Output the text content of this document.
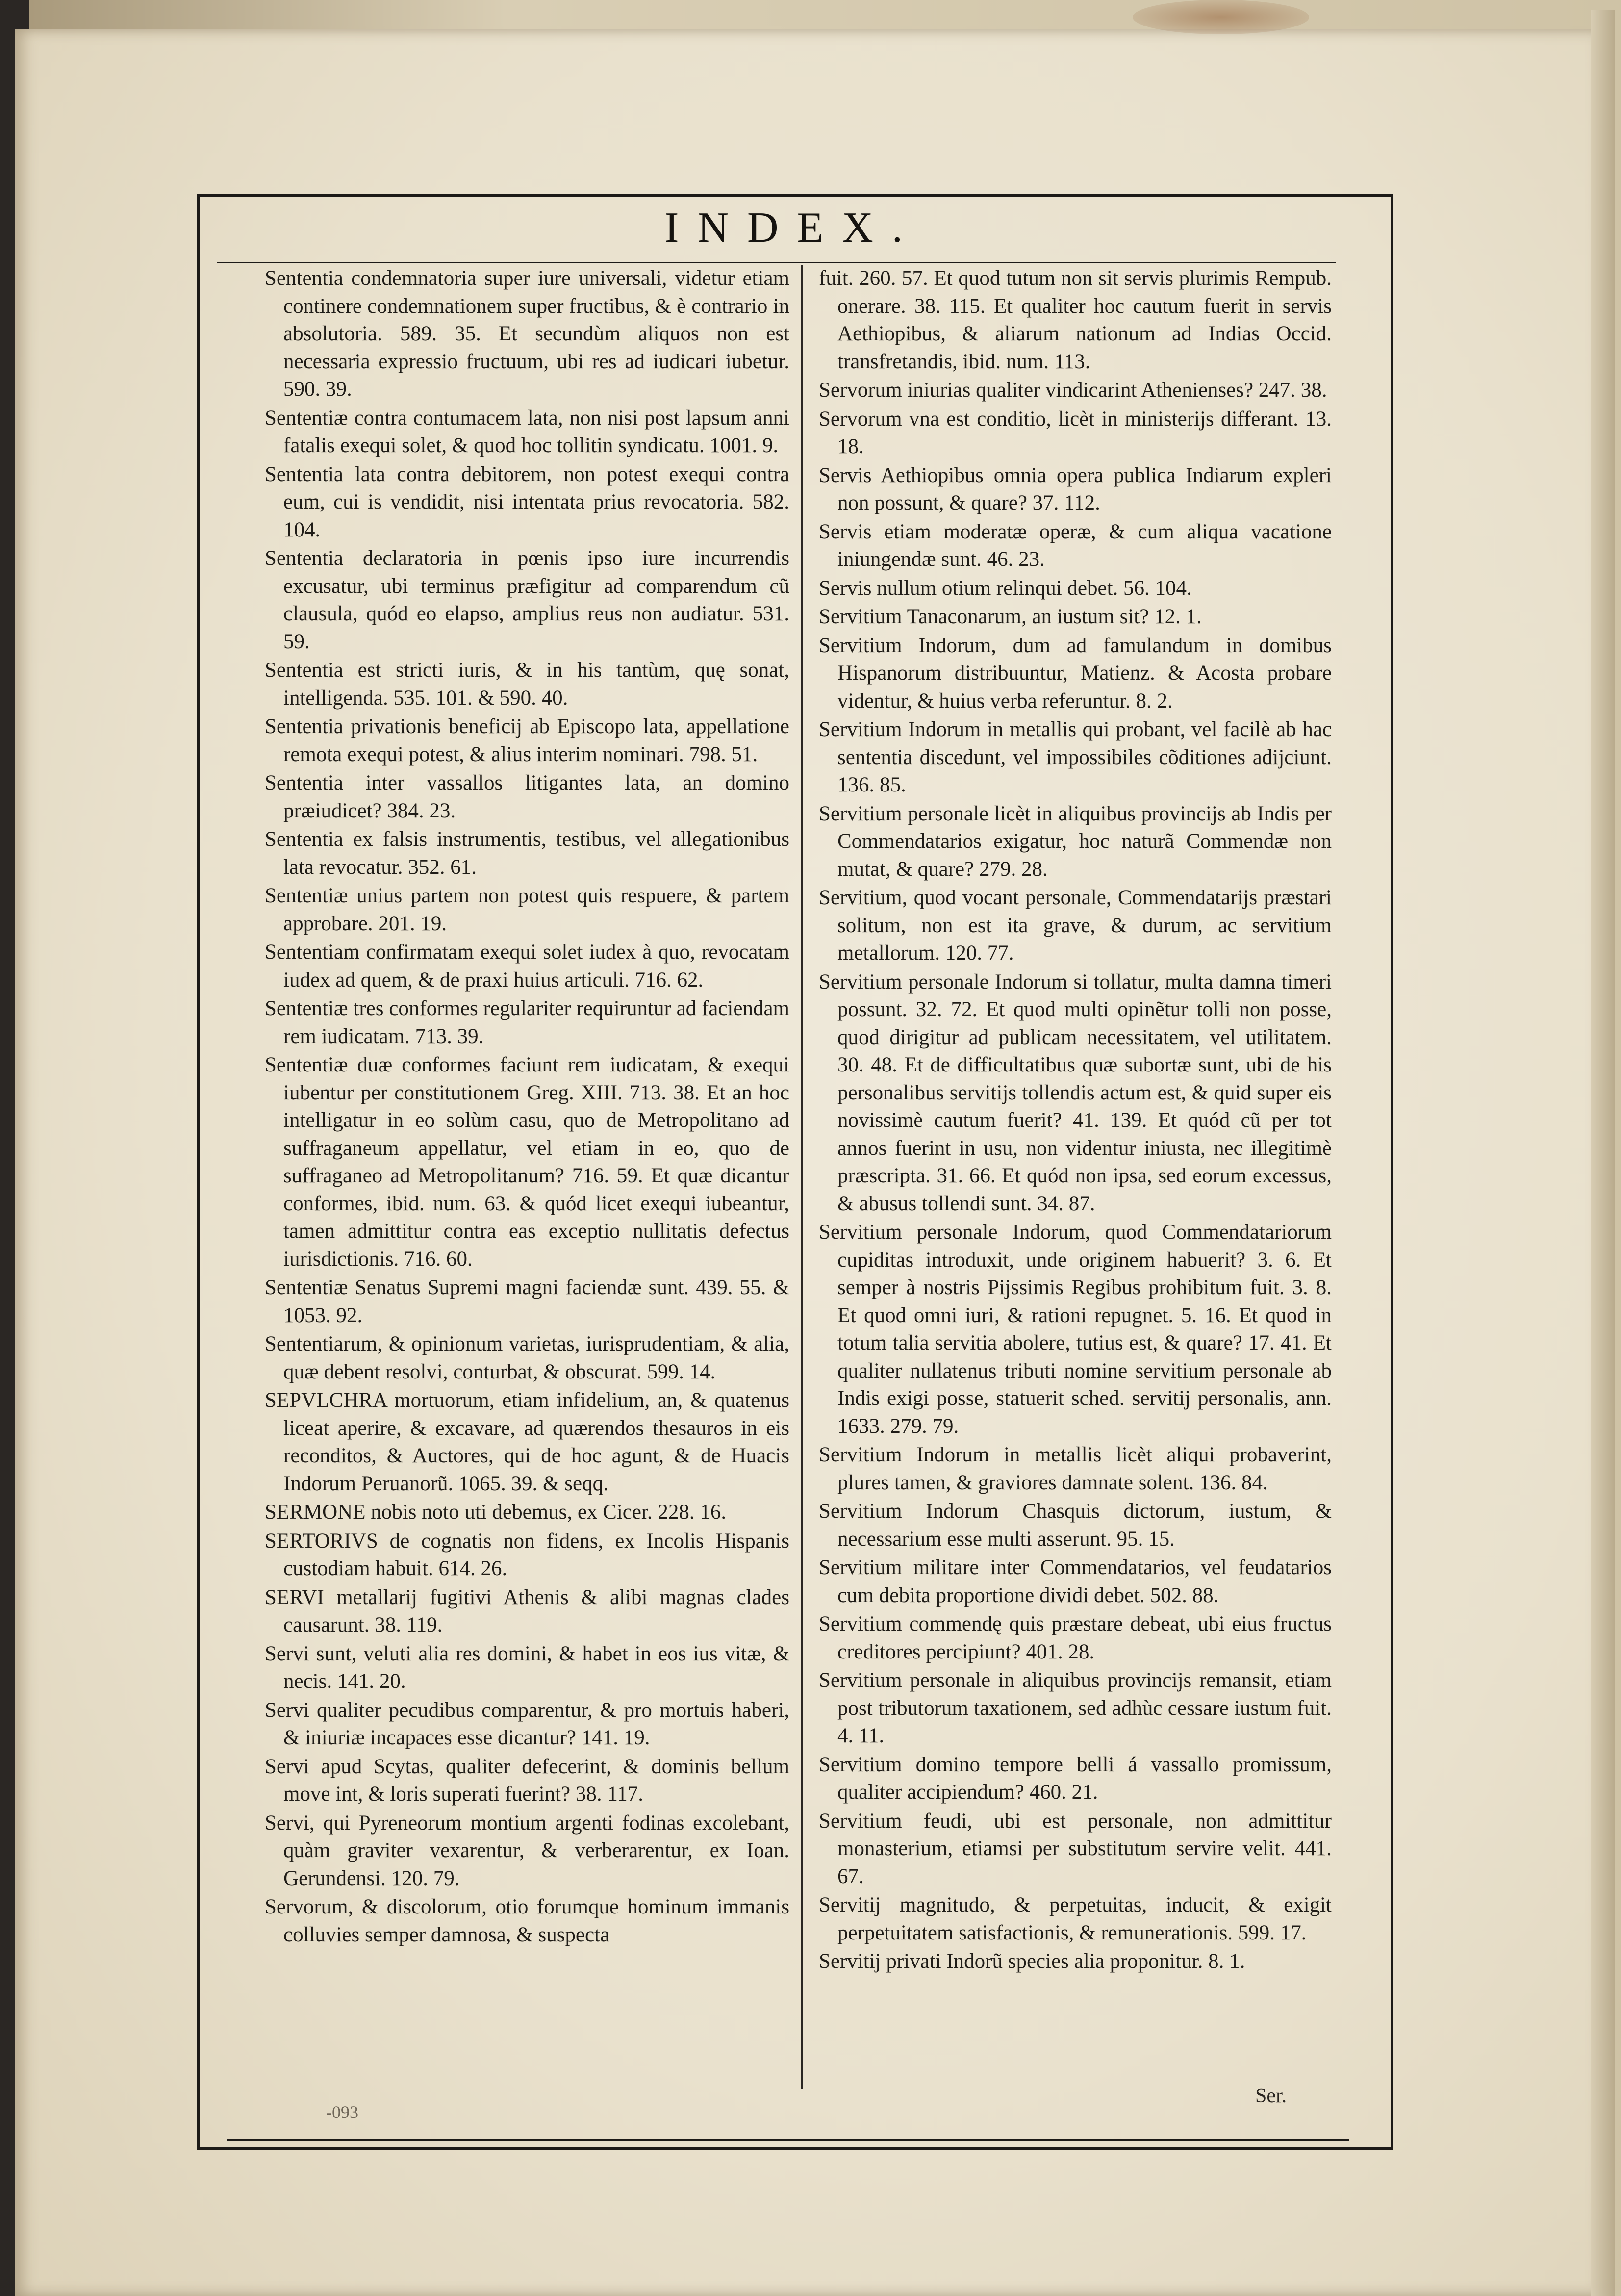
INDEX.

Sententia condemnatoria super iure universali, videtur etiam continere condemnationem super fructibus, & è contrario in absolutoria. 589. 35. Et secundùm aliquos non est necessaria expressio fructuum, ubi res ad iudicari iubetur. 590. 39.

Sententiæ contra contumacem lata, non nisi post lapsum anni fatalis exequi solet, & quod hoc tollitin syndicatu. 1001. 9.

Sententia lata contra debitorem, non potest exequi contra eum, cui is vendidit, nisi intentata prius revocatoria. 582. 104.

Sententia declaratoria in pœnis ipso iure incurrendis excusatur, ubi terminus præfigitur ad comparendum cũ clausula, quód eo elapso, amplius reus non audiatur. 531. 59.

Sententia est stricti iuris, & in his tantùm, quę sonat, intelligenda. 535. 101. & 590. 40.

Sententia privationis beneficij ab Episcopo lata, appellatione remota exequi potest, & alius interim nominari. 798. 51.

Sententia inter vassallos litigantes lata, an domino præiudicet? 384. 23.

Sententia ex falsis instrumentis, testibus, vel allegationibus lata revocatur. 352. 61.

Sententiæ unius partem non potest quis respuere, & partem approbare. 201. 19.

Sententiam confirmatam exequi solet iudex à quo, revocatam iudex ad quem, & de praxi huius articuli. 716. 62.

Sententiæ tres conformes regulariter requiruntur ad faciendam rem iudicatam. 713. 39.

Sententiæ duæ conformes faciunt rem iudicatam, & exequi iubentur per constitutionem Greg. XIII. 713. 38. Et an hoc intelligatur in eo solùm casu, quo de Metropolitano ad suffraganeum appellatur, vel etiam in eo, quo de suffraganeo ad Metropolitanum? 716. 59. Et quæ dicantur conformes, ibid. num. 63. & quód licet exequi iubeantur, tamen admittitur contra eas exceptio nullitatis defectus iurisdictionis. 716. 60.

Sententiæ Senatus Supremi magni faciendæ sunt. 439. 55. & 1053. 92.

Sententiarum, & opinionum varietas, iurisprudentiam, & alia, quæ debent resolvi, conturbat, & obscurat. 599. 14.

SEPVLCHRA mortuorum, etiam infidelium, an, & quatenus liceat aperire, & excavare, ad quærendos thesauros in eis reconditos, & Auctores, qui de hoc agunt, & de Huacis Indorum Peruanorũ. 1065. 39. & seqq.

SERMONE nobis noto uti debemus, ex Cicer. 228. 16.

SERTORIVS de cognatis non fidens, ex Incolis Hispanis custodiam habuit. 614. 26.

SERVI metallarij fugitivi Athenis & alibi magnas clades causarunt. 38. 119.

Servi sunt, veluti alia res domini, & habet in eos ius vitæ, & necis. 141. 20.

Servi qualiter pecudibus comparentur, & pro mortuis haberi, & iniuriæ incapaces esse dicantur? 141. 19.

Servi apud Scytas, qualiter defecerint, & dominis bellum move int, & loris superati fuerint? 38. 117.

Servi, qui Pyreneorum montium argenti fodinas excolebant, quàm graviter vexarentur, & verberarentur, ex Ioan. Gerundensi. 120. 79.

Servorum, & discolorum, otio forumque hominum immanis colluvies semper damnosa, & suspecta

fuit. 260. 57. Et quod tutum non sit servis plurimis Rempub. onerare. 38. 115. Et qualiter hoc cautum fuerit in servis Aethiopibus, & aliarum nationum ad Indias Occid. transfretandis, ibid. num. 113.

Servorum iniurias qualiter vindicarint Athenienses? 247. 38.

Servorum vna est conditio, licèt in ministerijs differant. 13. 18.

Servis Aethiopibus omnia opera publica Indiarum expleri non possunt, & quare? 37. 112.

Servis etiam moderatæ operæ, & cum aliqua vacatione iniungendæ sunt. 46. 23.

Servis nullum otium relinqui debet. 56. 104.

Servitium Tanaconarum, an iustum sit? 12. 1.

Servitium Indorum, dum ad famulandum in domibus Hispanorum distribuuntur, Matienz. & Acosta probare videntur, & huius verba referuntur. 8. 2.

Servitium Indorum in metallis qui probant, vel facilè ab hac sententia discedunt, vel impossibiles cõditiones adijciunt. 136. 85.

Servitium personale licèt in aliquibus provincijs ab Indis per Commendatarios exigatur, hoc naturã Commendæ non mutat, & quare? 279. 28.

Servitium, quod vocant personale, Commendatarijs præstari solitum, non est ita grave, & durum, ac servitium metallorum. 120. 77.

Servitium personale Indorum si tollatur, multa damna timeri possunt. 32. 72. Et quod multi opinẽtur tolli non posse, quod dirigitur ad publicam necessitatem, vel utilitatem. 30. 48. Et de difficultatibus quæ subortæ sunt, ubi de his personalibus servitijs tollendis actum est, & quid super eis novissimè cautum fuerit? 41. 139. Et quód cũ per tot annos fuerint in usu, non videntur iniusta, nec illegitimè præscripta. 31. 66. Et quód non ipsa, sed eorum excessus, & abusus tollendi sunt. 34. 87.

Servitium personale Indorum, quod Commendatariorum cupiditas introduxit, unde originem habuerit? 3. 6. Et semper à nostris Pijssimis Regibus prohibitum fuit. 3. 8. Et quod omni iuri, & rationi repugnet. 5. 16. Et quod in totum talia servitia abolere, tutius est, & quare? 17. 41. Et qualiter nullatenus tributi nomine servitium personale ab Indis exigi posse, statuerit sched. servitij personalis, ann. 1633. 279. 79.

Servitium Indorum in metallis licèt aliqui probaverint, plures tamen, & graviores damnate solent. 136. 84.

Servitium Indorum Chasquis dictorum, iustum, & necessarium esse multi asserunt. 95. 15.

Servitium militare inter Commendatarios, vel feudatarios cum debita proportione dividi debet. 502. 88.

Servitium commendę quis præstare debeat, ubi eius fructus creditores percipiunt? 401. 28.

Servitium personale in aliquibus provincijs remansit, etiam post tributorum taxationem, sed adhùc cessare iustum fuit. 4. 11.

Servitium domino tempore belli á vassallo promissum, qualiter accipiendum? 460. 21.

Servitium feudi, ubi est personale, non admittitur monasterium, etiamsi per substitutum servire velit. 441. 67.

Servitij magnitudo, & perpetuitas, inducit, & exigit perpetuitatem satisfactionis, & remunerationis. 599. 17.

Servitij privati Indorũ species alia proponitur. 8. 1.

-093
Ser.
